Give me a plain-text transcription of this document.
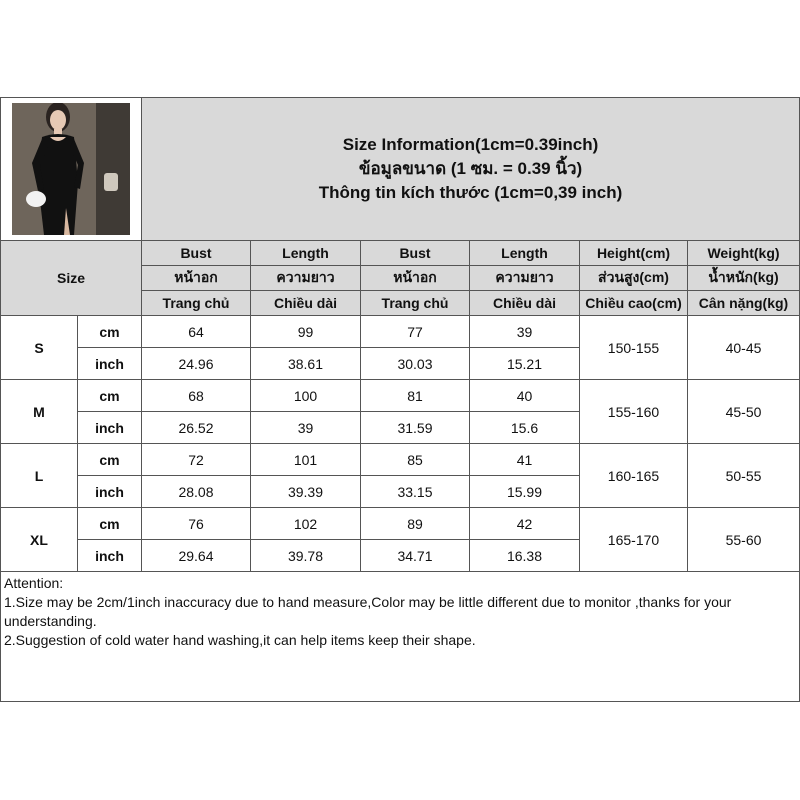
Size Information(1cm=0.39inch)
ข้อมูลขนาด (1 ซม. = 0.39 นิ้ว)
Thông tin kích thước (1cm=0,39 inch)					

Size		Bust	Length	Bust	Length	Height(cm)	Weight(kg)
		หน้าอก	ความยาว	หน้าอก	ความยาว	ส่วนสูง(cm)	น้ำหนัก(kg)
		Trang chủ	Chiều dài	Trang chủ	Chiều dài	Chiều cao(cm)	Cân nặng(kg)
S	cm	64	99	77	39	150-155	40-45
	inch	24.96	38.61	30.03	15.21		
M	cm	68	100	81	40	155-160	45-50
	inch	26.52	39	31.59	15.6		
L	cm	72	101	85	41	160-165	50-55
	inch	28.08	39.39	33.15	15.99		
XL	cm	76	102	89	42	165-170	55-60
	inch	29.64	39.78	34.71	16.38		

Attention:
1.Size may be 2cm/1inch inaccuracy due to hand measure,Color may be little different due to monitor ,thanks for your understanding.
2.Suggestion of cold water hand washing,it can help items keep their shape.							
